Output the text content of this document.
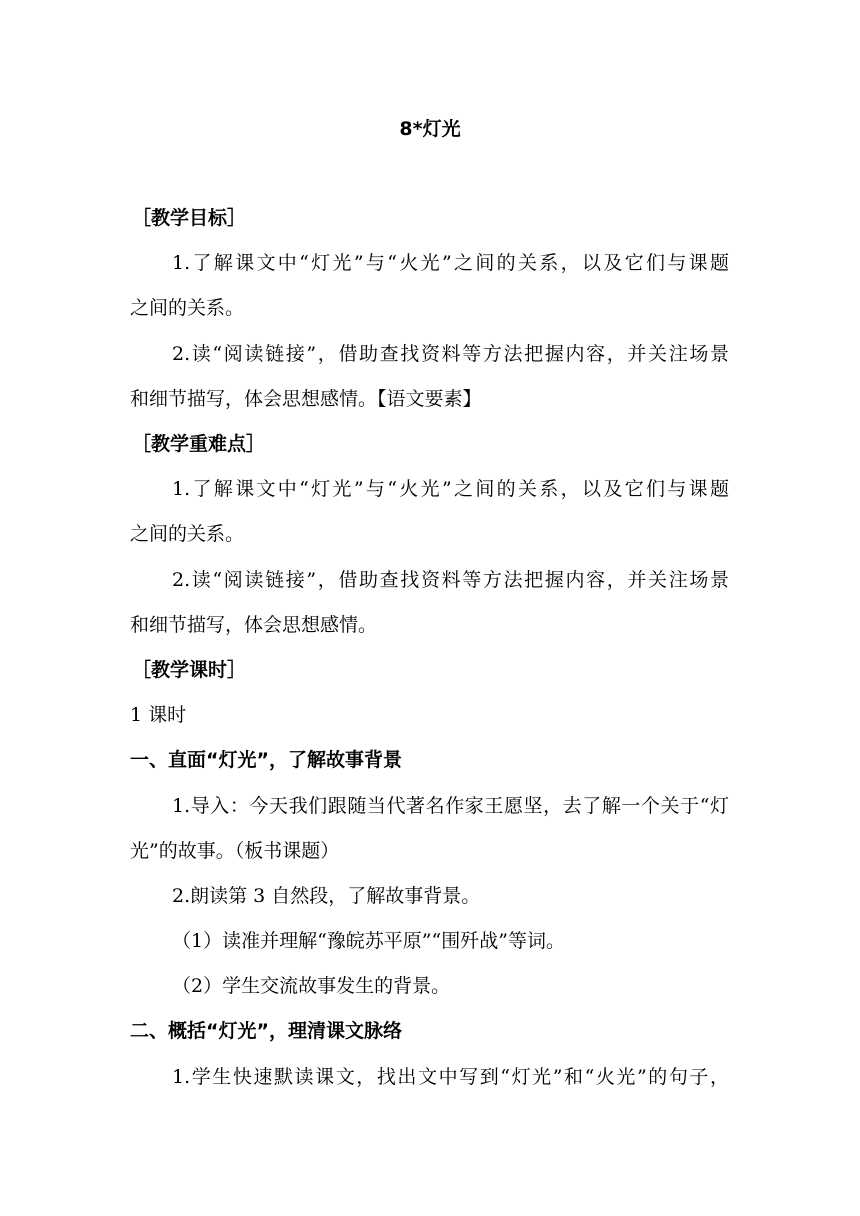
8*灯光
［教学目标］
1.了解课文中“灯光”与“火光”之间的关系，以及它们与课题
之间的关系。
2.读“阅读链接”，借助查找资料等方法把握内容，并关注场景
和细节描写，体会思想感情。【语文要素】
［教学重难点］
1.了解课文中“灯光”与“火光”之间的关系，以及它们与课题
之间的关系。
2.读“阅读链接”，借助查找资料等方法把握内容，并关注场景
和细节描写，体会思想感情。
［教学课时］
1 课时
一、直面“灯光”，了解故事背景
1.导入：今天我们跟随当代著名作家王愿坚，去了解一个关于“灯
光”的故事。（板书课题）
2.朗读第 3 自然段，了解故事背景。
（1）读准并理解“豫皖苏平原”“围歼战”等词。
（2）学生交流故事发生的背景。
二、概括“灯光”，理清课文脉络
1.学生快速默读课文，找出文中写到“灯光”和“火光”的句子，
